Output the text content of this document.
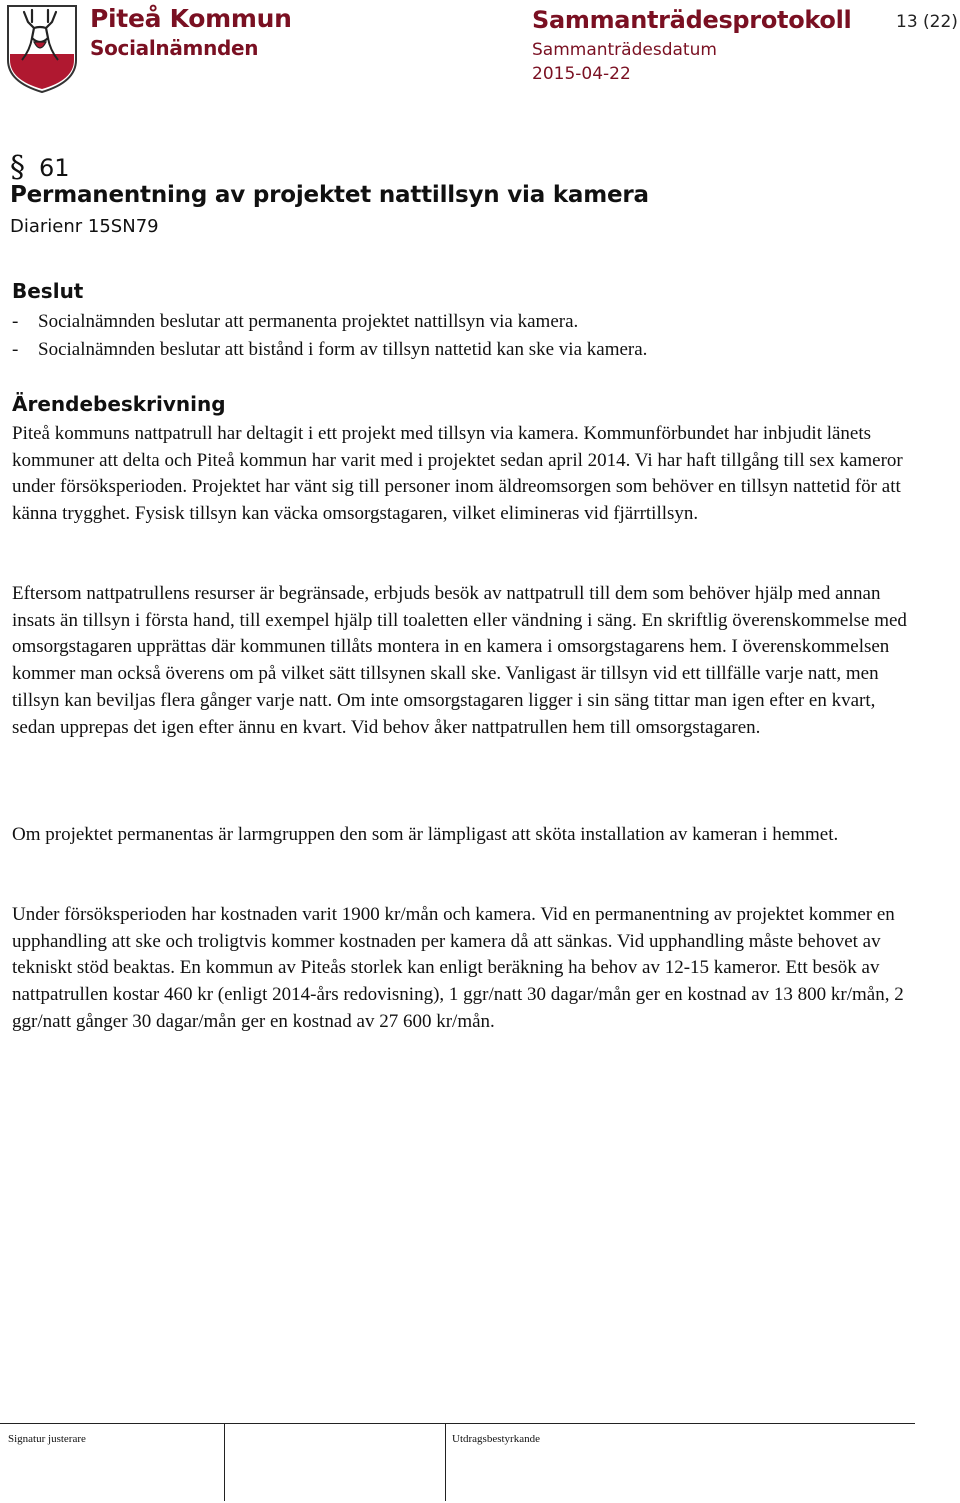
Piteå Kommun
Socialnämnden
Sammanträdesprotokoll
Sammanträdesdatum
2015-04-22
13 (22)
§ 61
Permanentning av projektet nattillsyn via kamera
Diarienr 15SN79
Beslut
- Socialnämnden beslutar att permanenta projektet nattillsyn via kamera.
- Socialnämnden beslutar att bistånd i form av tillsyn nattetid kan ske via kamera.
Ärendebeskrivning

Piteå kommuns nattpatrull har deltagit i ett projekt med tillsyn via kamera. Kommunförbundet har inbjudit länets kommuner att delta och Piteå kommun har varit med i projektet sedan april 2014. Vi har haft tillgång till sex kameror under försöksperioden. Projektet har vänt sig till personer inom äldreomsorgen som behöver en tillsyn nattetid för att känna trygghet. Fysisk tillsyn kan väcka omsorgstagaren, vilket elimineras vid fjärrtillsyn.

Eftersom nattpatrullens resurser är begränsade, erbjuds besök av nattpatrull till dem som behöver hjälp med annan insats än tillsyn i första hand, till exempel hjälp till toaletten eller vändning i säng. En skriftlig överenskommelse med omsorgstagaren upprättas där kommunen tillåts montera in en kamera i omsorgstagarens hem. I överenskommelsen kommer man också överens om på vilket sätt tillsynen skall ske. Vanligast är tillsyn vid ett tillfälle varje natt, men tillsyn kan beviljas flera gånger varje natt. Om inte omsorgstagaren ligger i sin säng tittar man igen efter en kvart, sedan upprepas det igen efter ännu en kvart. Vid behov åker nattpatrullen hem till omsorgstagaren.

Om projektet permanentas är larmgruppen den som är lämpligast att sköta installation av kameran i hemmet.

Under försöksperioden har kostnaden varit 1900 kr/mån och kamera. Vid en permanentning av projektet kommer en upphandling att ske och troligtvis kommer kostnaden per kamera då att sänkas. Vid upphandling måste behovet av tekniskt stöd beaktas. En kommun av Piteås storlek kan enligt beräkning ha behov av 12-15 kameror. Ett besök av nattpatrullen kostar 460 kr (enligt 2014-års redovisning), 1 ggr/natt 30 dagar/mån ger en kostnad av 13 800 kr/mån, 2 ggr/natt gånger 30 dagar/mån ger en kostnad av 27 600 kr/mån.

Signatur justerare	Utdragsbestyrkande
